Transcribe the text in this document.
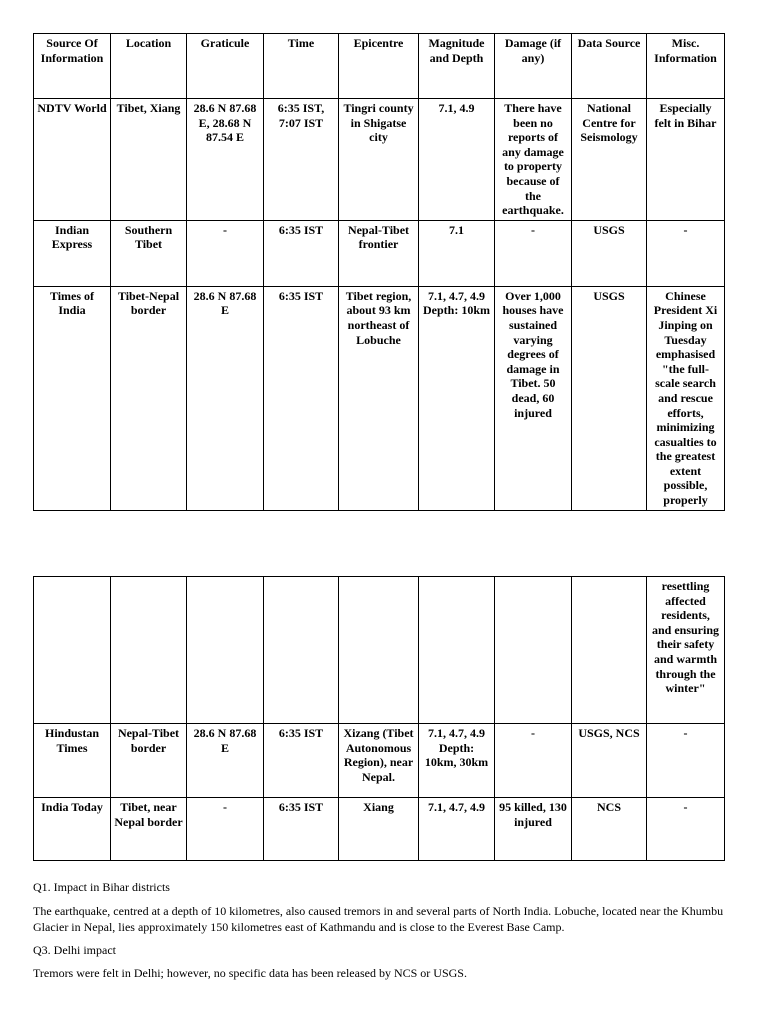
Source Of Information	Location	Graticule	Time	Epicentre	Magnitude and Depth	Damage (if any)	Data Source	Misc. Information
NDTV World	Tibet, Xiang	28.6 N 87.68 E, 28.68 N 87.54 E	6:35 IST, 7:07 IST	Tingri county in Shigatse city	7.1, 4.9	There have been no reports of any damage to property because of the earthquake.	National Centre for Seismology	Especially felt in Bihar
Indian Express	Southern Tibet	-	6:35 IST	Nepal-Tibet frontier	7.1	-	USGS	-
Times of India	Tibet-Nepal border	28.6 N 87.68 E	6:35 IST	Tibet region, about 93 km northeast of Lobuche	7.1, 4.7, 4.9 Depth: 10km	Over 1,000 houses have sustained varying degrees of damage in Tibet. 50 dead, 60 injured	USGS	Chinese President Xi Jinping on Tuesday emphasised "the full-scale search and rescue efforts, minimizing casualties to the greatest extent possible, properly
								resettling affected residents, and ensuring their safety and warmth through the winter"
Hindustan Times	Nepal-Tibet border	28.6 N 87.68 E	6:35 IST	Xizang (Tibet Autonomous Region), near Nepal.	7.1, 4.7, 4.9 Depth: 10km, 30km	-	USGS, NCS	-
India Today	Tibet, near Nepal border	-	6:35 IST	Xiang	7.1, 4.7, 4.9	95 killed, 130 injured	NCS	-
Q1. Impact in Bihar districts
The earthquake, centred at a depth of 10 kilometres, also caused tremors in and several parts of North India. Lobuche, located near the Khumbu Glacier in Nepal, lies approximately 150 kilometres east of Kathmandu and is close to the Everest Base Camp.
Q3. Delhi impact
Tremors were felt in Delhi; however, no specific data has been released by NCS or USGS.
